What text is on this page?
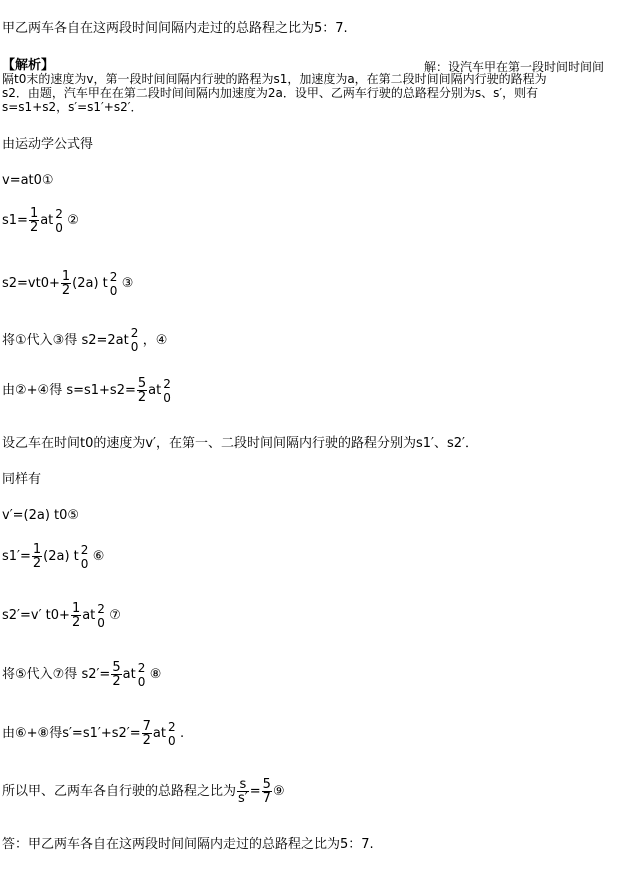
甲乙两车各自在这两段时间间隔内走过的总路程之比为5：7.
【解析】	解：设汽车甲在第一段时间时间间
隔t0末的速度为v，第一段时间间隔内行驶的路程为s1，加速度为a，在第二段时间间隔内行驶的路程为
s2．由题，汽车甲在在第二段时间间隔内加速度为2a．设甲、乙两车行驶的总路程分别为s、s′，则有
s=s1+s2，s′=s1′+s2′．
由运动学公式得
v=at0①
$s1= \frac{1}{2}$ at 2
0 ②
$s2=vt0+ \frac{1}{2} (2a)$ t 2
0 ③
将①代入③得 s2=2at 2
0 ，④
由②+④得 $s=s1+s2= \frac{5}{2}$ at 2
0
设乙车在时间t0的速度为v′，在第一、二段时间间隔内行驶的路程分别为s1′、s2′．
同样有
v′=(2a) t0⑤
$s1'= \frac{1}{2} (2a)$ t 2
0 ⑥
s2′=v′ $t0+ \frac{1}{2}$ at 2
0 ⑦
将⑤代入⑦得 $s2'= \frac{5}{2}$ at 2
0 ⑧
由⑥+⑧得$s'=s1'+s2'= \frac{7}{2}$ at 2
0 .
所以甲、乙两车各自行驶的总路程之比为 $\frac{s}{s'} = \frac{5}{7}$ ⑨
答：甲乙两车各自在这两段时间间隔内走过的总路程之比为5：7.
